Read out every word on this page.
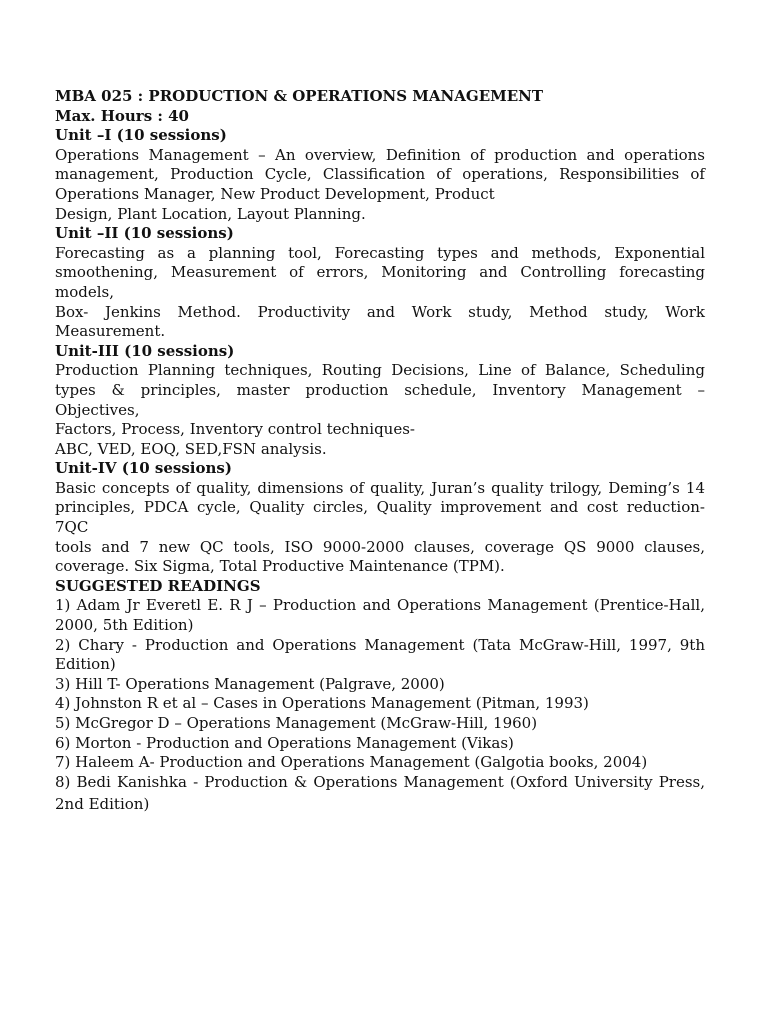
MBA 025 : PRODUCTION & OPERATIONS MANAGEMENT
Max. Hours : 40
Unit –I (10 sessions)
Operations Management – An overview, Definition of production and operations
management, Production Cycle, Classification of operations, Responsibilities of
Operations Manager, New Product Development, Product
Design, Plant Location, Layout Planning.
Unit –II (10 sessions)
Forecasting as a planning tool, Forecasting types and methods, Exponential
smoothening, Measurement of errors, Monitoring and Controlling forecasting models,
Box- Jenkins Method. Productivity and Work study, Method study, Work
Measurement.
Unit-III (10 sessions)
Production Planning techniques, Routing Decisions, Line of Balance, Scheduling
types & principles, master production schedule, Inventory Management – Objectives,
Factors, Process, Inventory control techniques-
ABC, VED, EOQ, SED,FSN analysis.
Unit-IV (10 sessions)
Basic concepts of quality, dimensions of quality, Juran’s quality trilogy, Deming’s 14
principles, PDCA cycle, Quality circles, Quality improvement and cost reduction- 7QC
tools and 7 new QC tools, ISO 9000-2000 clauses, coverage QS 9000 clauses,
coverage. Six Sigma, Total Productive Maintenance (TPM).
SUGGESTED READINGS
1) Adam Jr Everetl E. R J – Production and Operations Management (Prentice-Hall,
2000, 5th Edition)
2) Chary - Production and Operations Management (Tata McGraw-Hill, 1997, 9th
Edition)
3) Hill T- Operations Management (Palgrave, 2000)
4) Johnston R et al – Cases in Operations Management (Pitman, 1993)
5) McGregor D – Operations Management (McGraw-Hill, 1960)
6) Morton - Production and Operations Management (Vikas)
7) Haleem A- Production and Operations Management (Galgotia books, 2004)
8) Bedi Kanishka - Production & Operations Management (Oxford University Press,
2nd Edition)
